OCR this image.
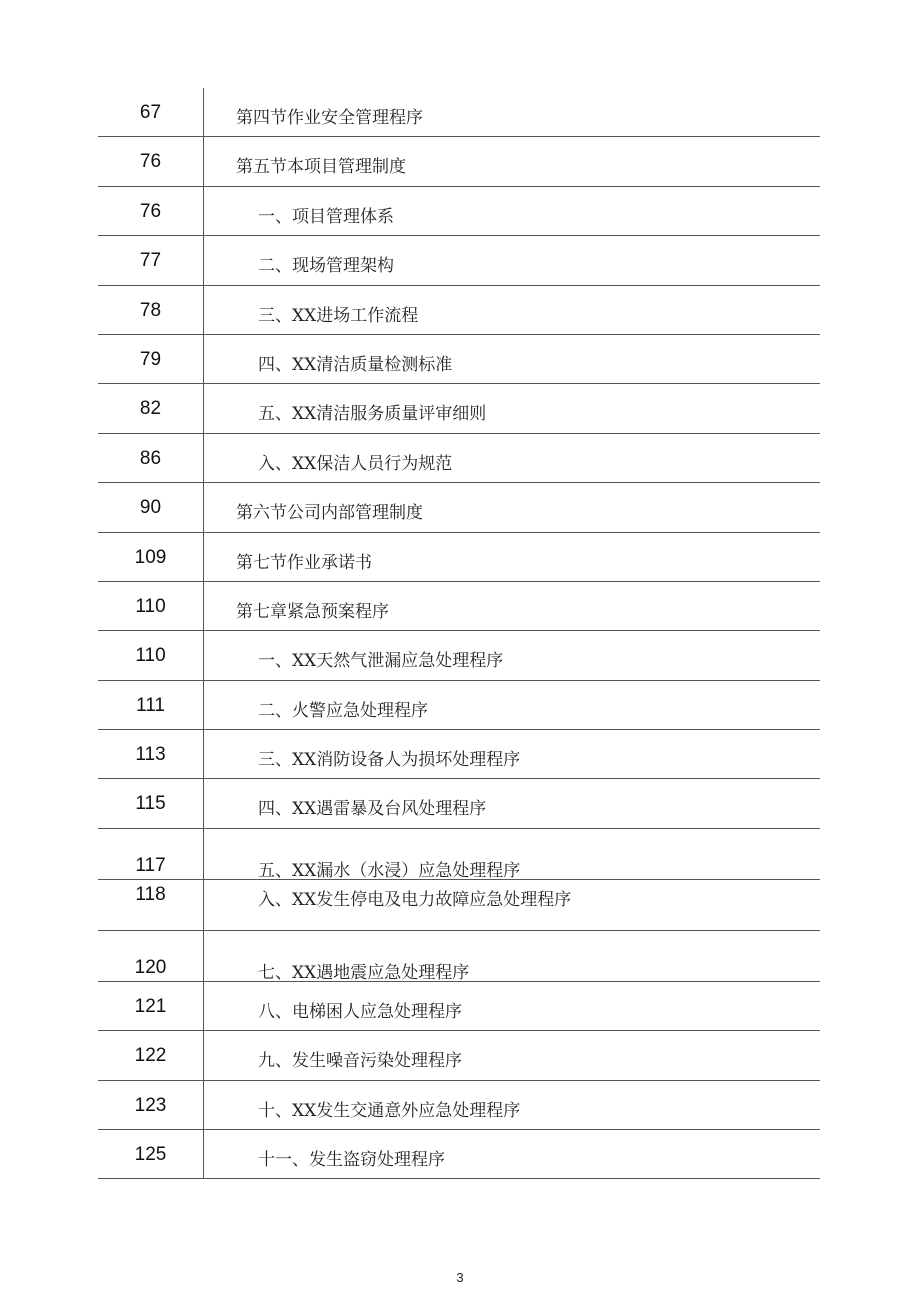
67	第四节作业安全管理程序
76	第五节本项目管理制度
76	一、项目管理体系
77	二、现场管理架构
78	三、XX进场工作流程
79	四、XX清洁质量检测标准
82	五、XX清洁服务质量评审细则
86	入、XX保洁人员行为规范
90	第六节公司内部管理制度
109	第七节作业承诺书
110	第七章紧急预案程序
110	一、XX天然气泄漏应急处理程序
111	二、火警应急处理程序
113	三、XX消防设备人为损坏处理程序
115	四、XX遇雷暴及台风处理程序
117	五、XX漏水（水浸）应急处理程序
118	入、XX发生停电及电力故障应急处理程序
120	七、XX遇地震应急处理程序
121	八、电梯困人应急处理程序
122	九、发生噪音污染处理程序
123	十、XX发生交通意外应急处理程序
125	十一、发生盗窃处理程序
3
